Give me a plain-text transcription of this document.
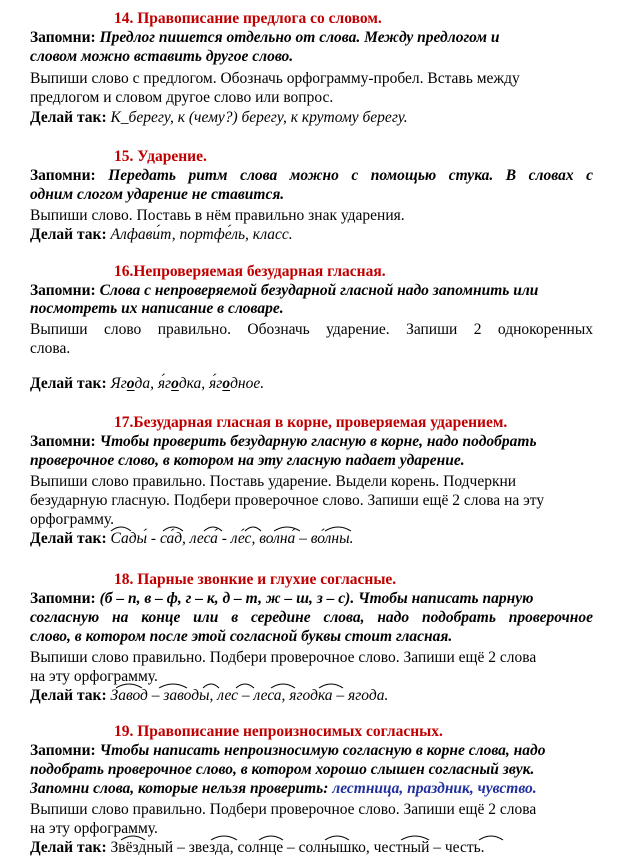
14. Правописание предлога со словом.
Запомни: Предлог пишется отдельно от слова. Между предлогом и
словом можно вставить другое слово.
Выпиши слово с предлогом. Обозначь орфограмму-пробел. Вставь между
предлогом и словом другое слово или вопрос.
Делай так: К_берегу, к (чему?) берегу, к крутому берегу.
15. Ударение.
Запомни: Передать ритм слова можно с помощью стука. В словах с
одним слогом ударение не ставится.
Выпиши слово. Поставь в нём правильно знак ударения.
Делай так: Алфави́т, портфе́ль, класс.
16.Непроверяемая безударная гласная.
Запомни: Слова с непроверяемой безударной гласной надо запомнить или
посмотреть их написание в словаре.
Выпиши слово правильно. Обозначь ударение. Запиши 2 однокоренных
слова.
Делай так: Ягода, я́годка, я́годное.
17.Безударная гласная в корне, проверяемая ударением.
Запомни: Чтобы проверить безударную гласную в корне, надо подобрать
проверочное слово, в котором на эту гласную падает ударение.
Выпиши слово правильно. Поставь ударение. Выдели корень. Подчеркни
безударную гласную. Подбери проверочное слово. Запиши ещё 2 слова на эту
орфограмму.
Делай так: Сады́ - са́д, леса́ - ле́с, волна́ – во́лны.
18. Парные звонкие и глухие согласные.
Запомни: (б – п, в – ф, г – к, д – т, ж – ш, з – с). Чтобы написать парную
согласную на конце или в середине слова, надо подобрать проверочное
слово, в котором после этой согласной буквы стоит гласная.
Выпиши слово правильно. Подбери проверочное слово. Запиши ещё 2 слова
на эту орфограмму.
Делай так: Завод – заводы, лес – леса, ягодка – ягода.
19. Правописание непроизносимых согласных.
Запомни: Чтобы написать непроизносимую согласную в корне слова, надо
подобрать проверочное слово, в котором хорошо слышен согласный звук.
Запомни слова, которые нельзя проверить: лестница, праздник, чувство.
Выпиши слово правильно. Подбери проверочное слово. Запиши ещё 2 слова
на эту орфограмму.
Делай так: Звёздный – звезда, солнце – солнышко, честный – честь.
